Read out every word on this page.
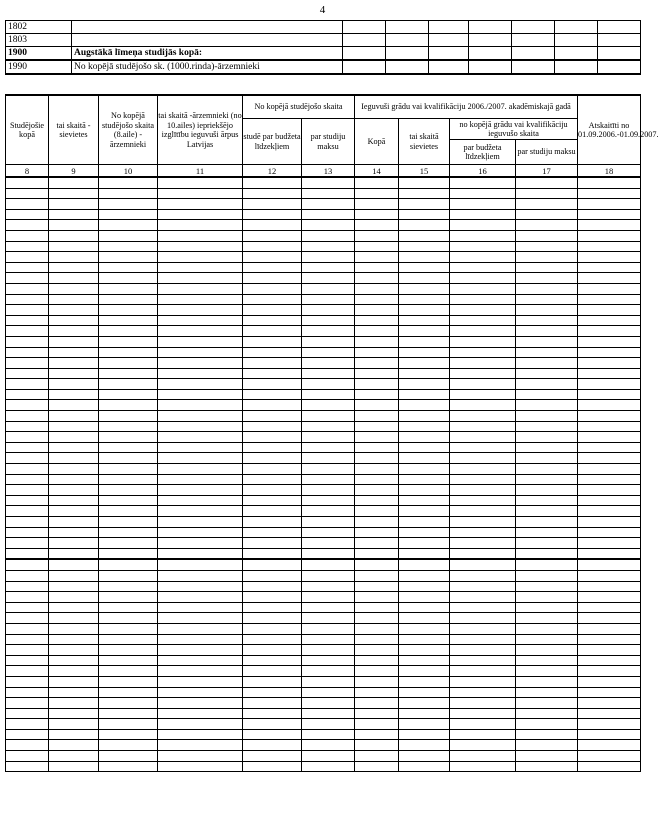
4
1802								
1803								
1900	Augstākā līmeņa studijās kopā:							
1990	No kopējā studējošo sk. (1000.rinda)-ārzemnieki							
Studējošie kopā	tai skaitā - sievietes	No kopējā studējošo skaita (8.aile) - ārzemnieki	tai skaitā -ārzemnieki (no 10.ailes) iepriekšējo izglītību ieguvuši ārpus Latvijas	No kopējā studējošo skaita		Ieguvuši grādu vai kvalifikāciju 2006./2007. akadēmiskajā gadā				Atskaitīti no 01.09.2006.-01.09.2007.
				studē par budžeta līdzekļiem	par studiju maksu	Kopā	tai skaitā sievietes	no kopējā grādu vai kvalifikāciju ieguvušo skaita		
								par budžeta līdzekļiem	par studiju maksu	
8	9	10	11	12	13	14	15	16	17	18
